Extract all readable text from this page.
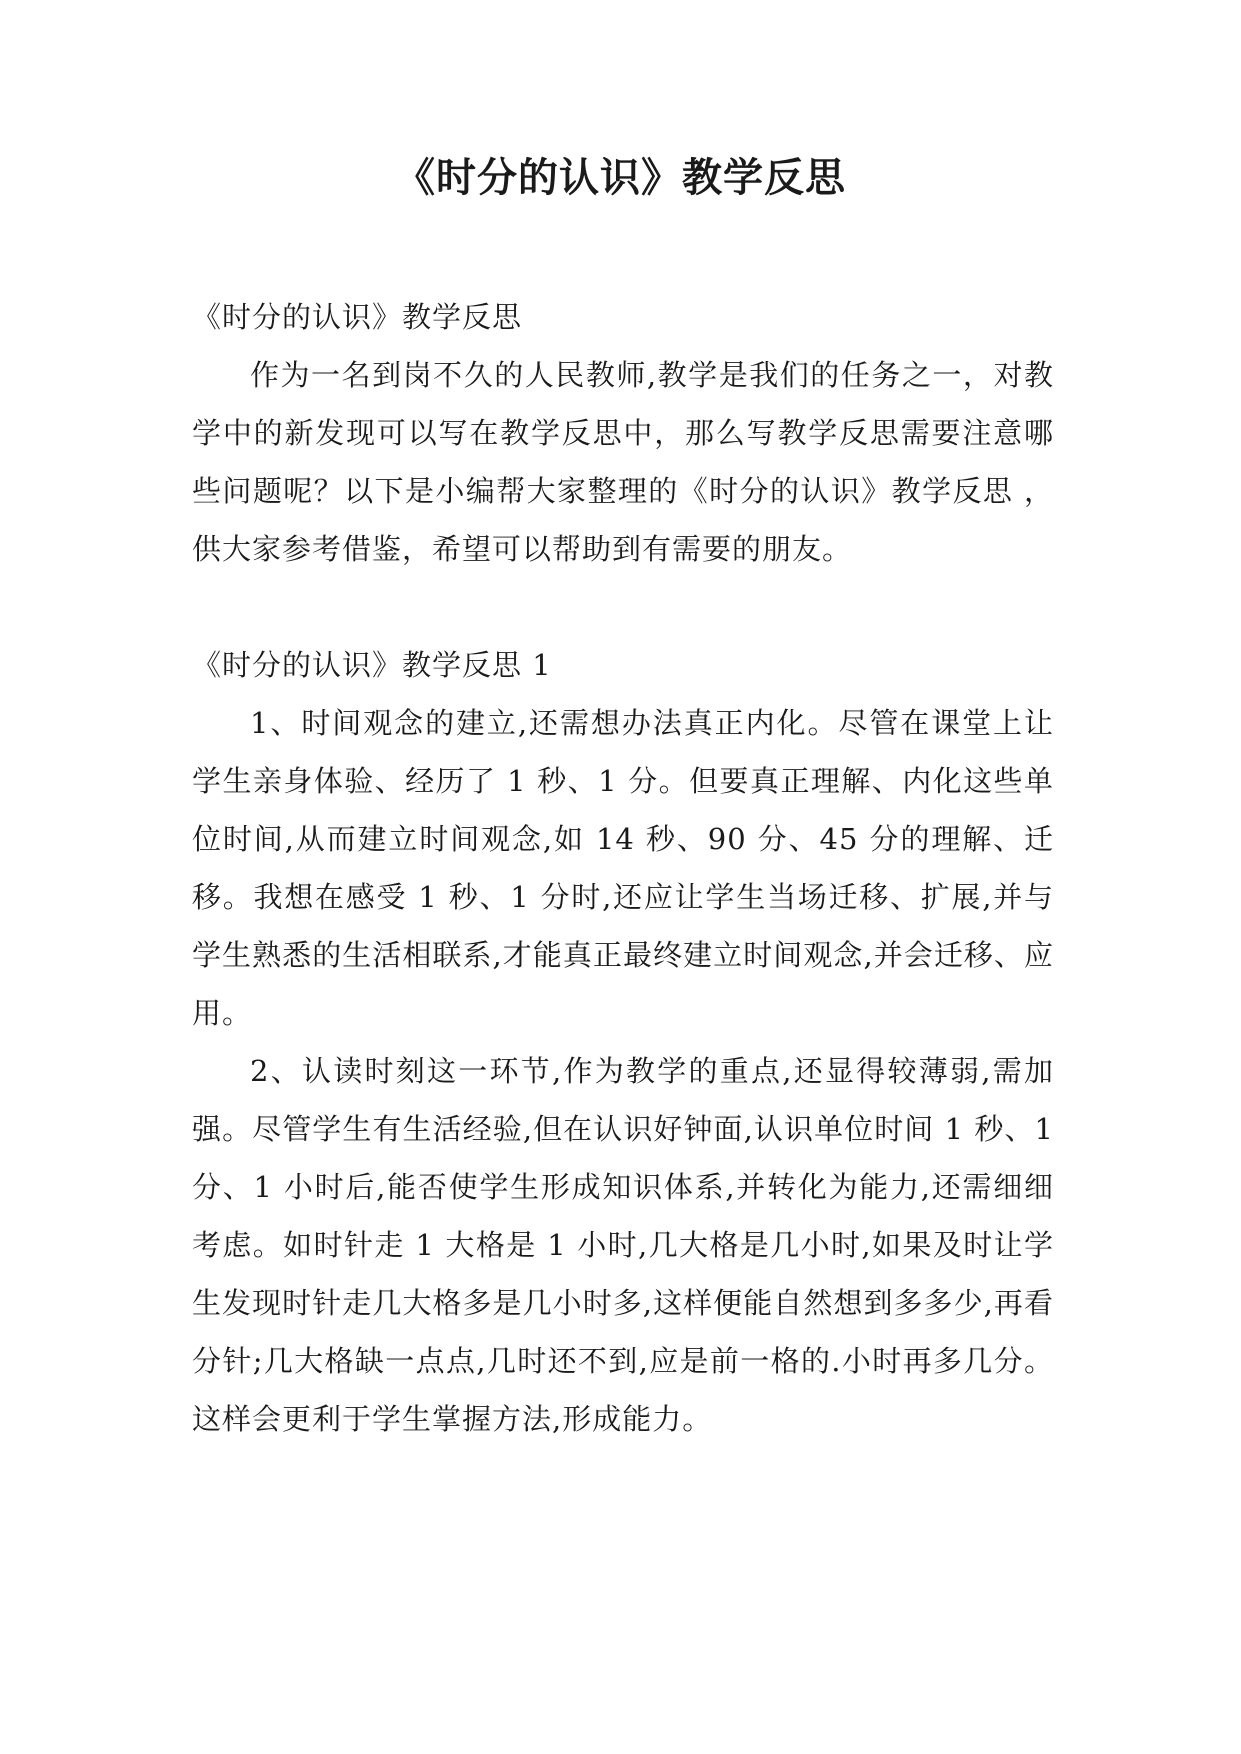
《时分的认识》教学反思

《时分的认识》教学反思

作为一名到岗不久的人民教师,教学是我们的任务之一，对教学中的新发现可以写在教学反思中，那么写教学反思需要注意哪些问题呢？以下是小编帮大家整理的《时分的认识》教学反思 ，供大家参考借鉴，希望可以帮助到有需要的朋友。

《时分的认识》教学反思 1

1、时间观念的建立,还需想办法真正内化。尽管在课堂上让学生亲身体验、经历了 1 秒、1 分。但要真正理解、内化这些单位时间,从而建立时间观念,如 14 秒、90 分、45 分的理解、迁移。我想在感受 1 秒、1 分时,还应让学生当场迁移、扩展,并与学生熟悉的生活相联系,才能真正最终建立时间观念,并会迁移、应用。

2、认读时刻这一环节,作为教学的重点,还显得较薄弱,需加强。尽管学生有生活经验,但在认识好钟面,认识单位时间 1 秒、1 分、1 小时后,能否使学生形成知识体系,并转化为能力,还需细细考虑。如时针走 1 大格是 1 小时,几大格是几小时,如果及时让学生发现时针走几大格多是几小时多,这样便能自然想到多多少,再看分针;几大格缺一点点,几时还不到,应是前一格的.小时再多几分。这样会更利于学生掌握方法,形成能力。
